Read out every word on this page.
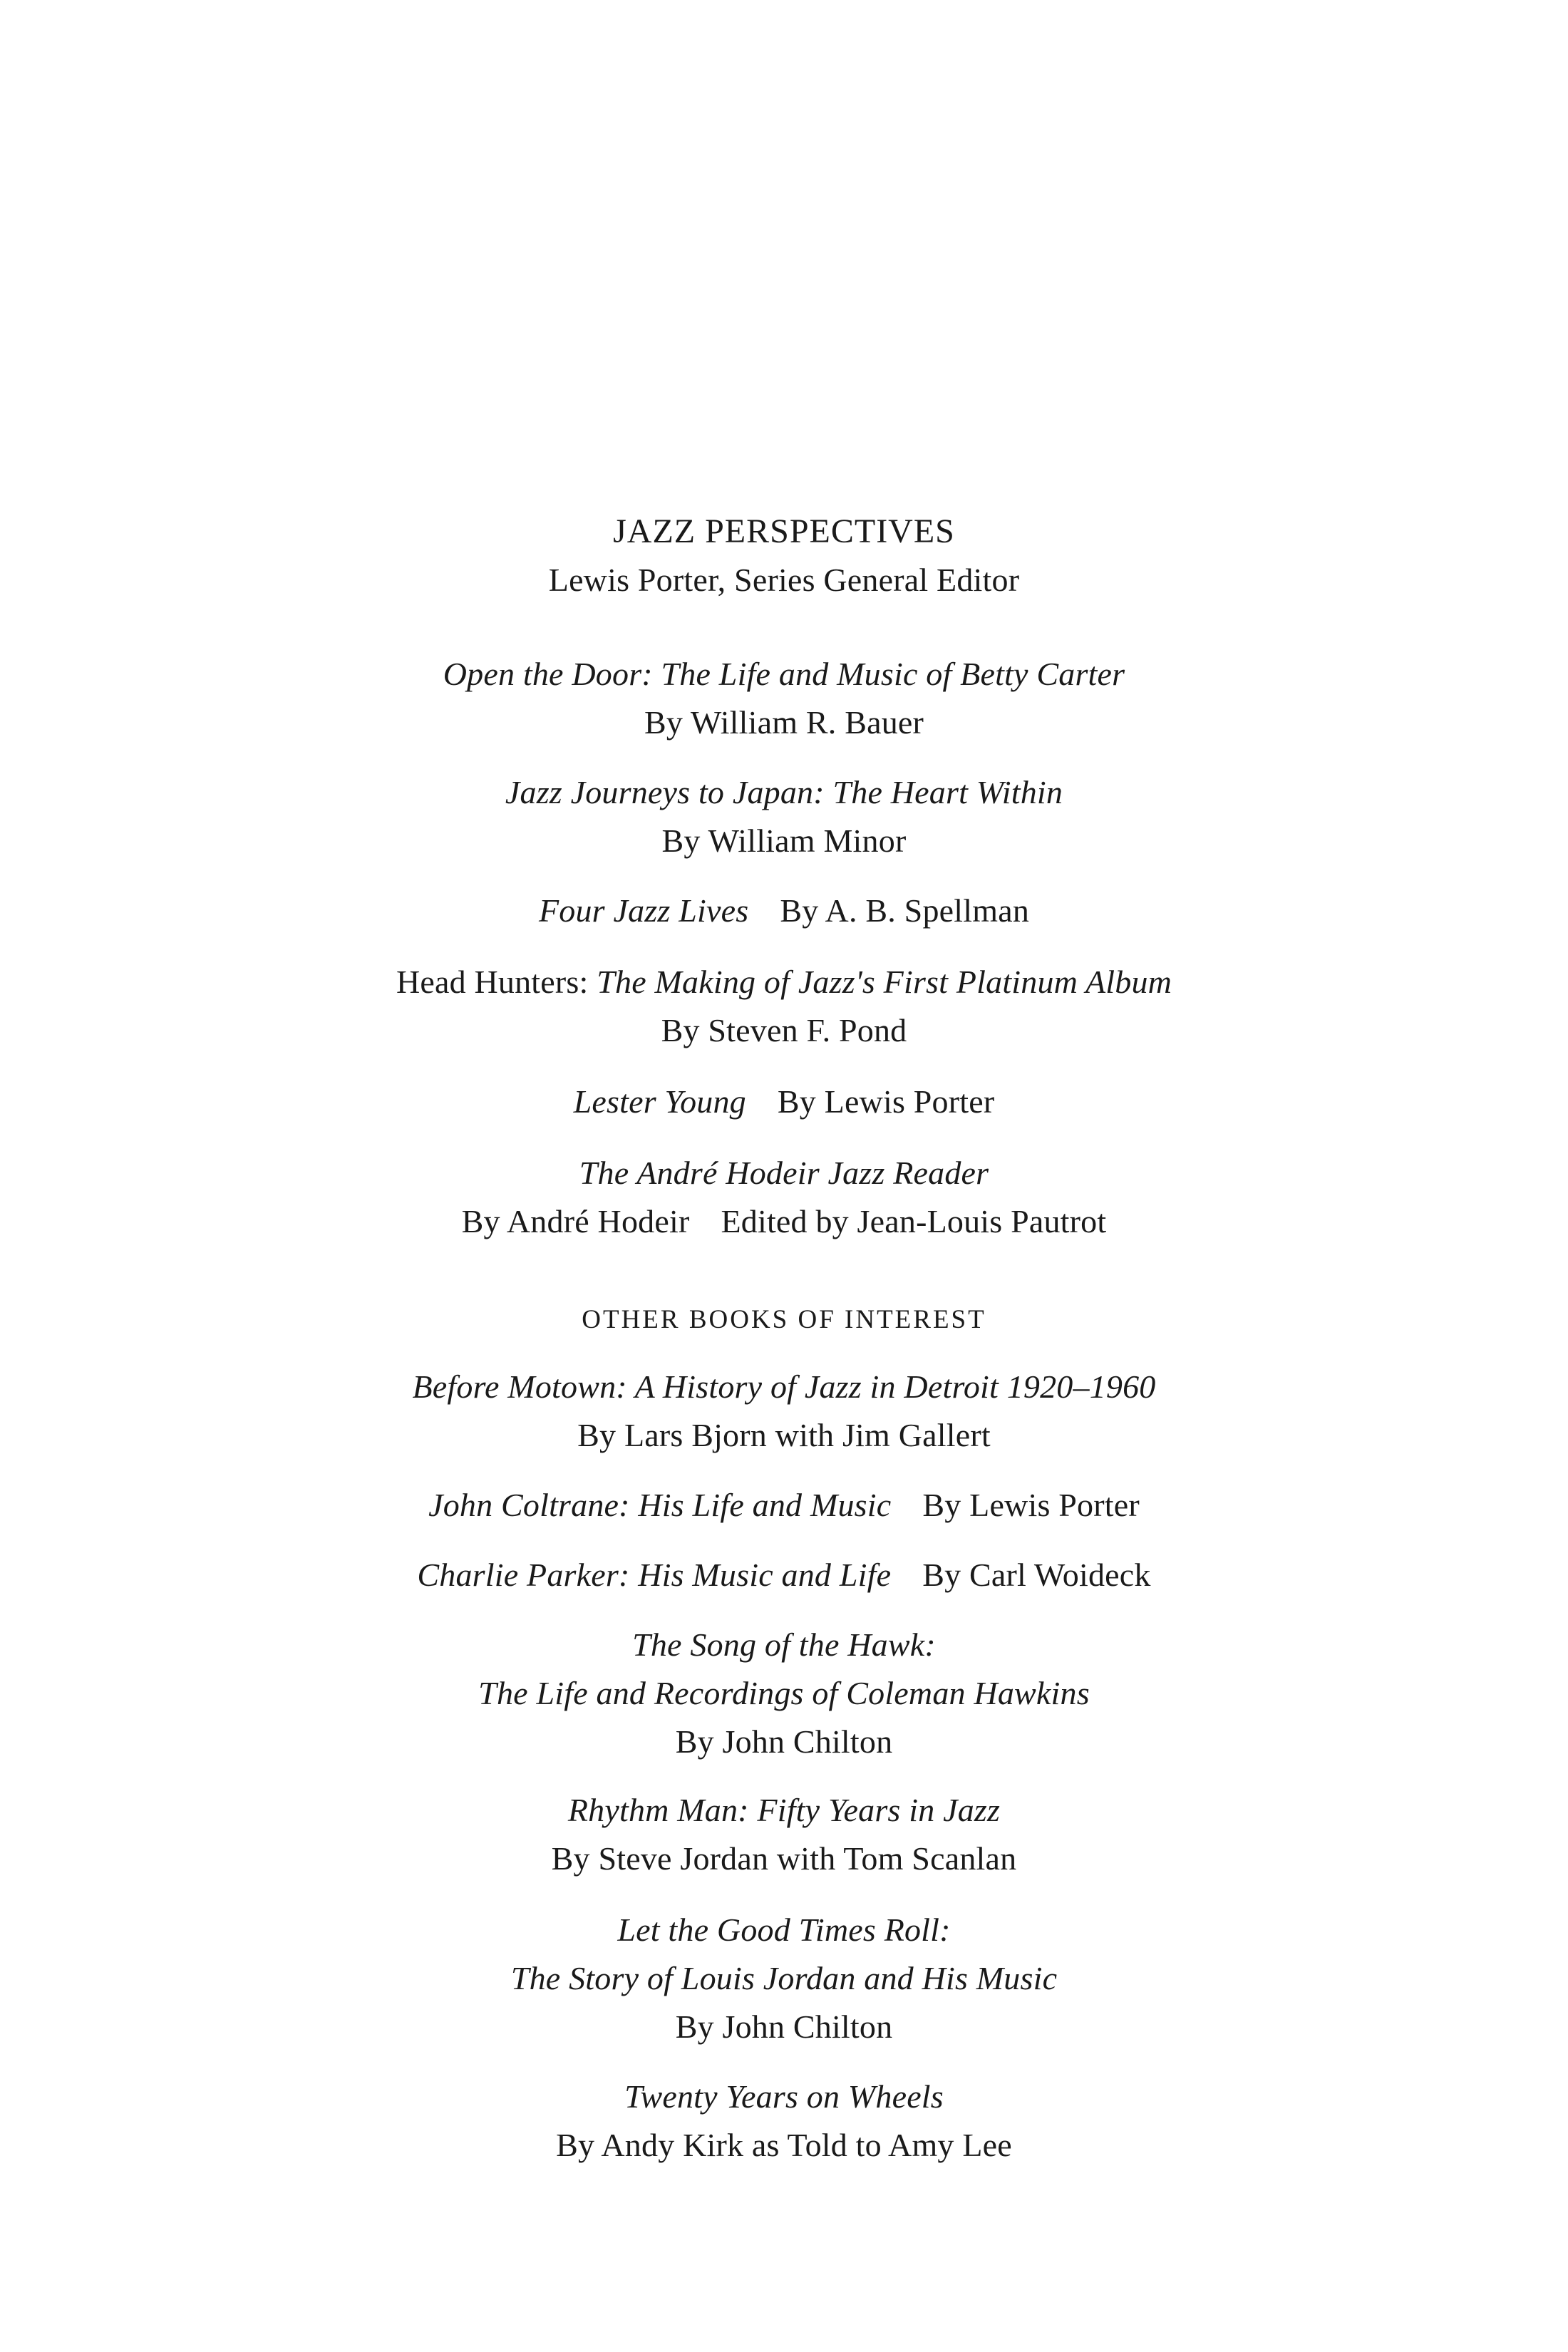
JAZZ PERSPECTIVES
Lewis Porter, Series General Editor
Open the Door: The Life and Music of Betty Carter
By William R. Bauer
Jazz Journeys to Japan: The Heart Within
By William Minor
Four Jazz Lives By A. B. Spellman
Head Hunters: The Making of Jazz's First Platinum Album
By Steven F. Pond
Lester Young By Lewis Porter
The André Hodeir Jazz Reader
By André Hodeir Edited by Jean-Louis Pautrot
OTHER BOOKS OF INTEREST
Before Motown: A History of Jazz in Detroit 1920–1960
By Lars Bjorn with Jim Gallert
John Coltrane: His Life and Music By Lewis Porter
Charlie Parker: His Music and Life By Carl Woideck
The Song of the Hawk:
The Life and Recordings of Coleman Hawkins
By John Chilton
Rhythm Man: Fifty Years in Jazz
By Steve Jordan with Tom Scanlan
Let the Good Times Roll:
The Story of Louis Jordan and His Music
By John Chilton
Twenty Years on Wheels
By Andy Kirk as Told to Amy Lee
